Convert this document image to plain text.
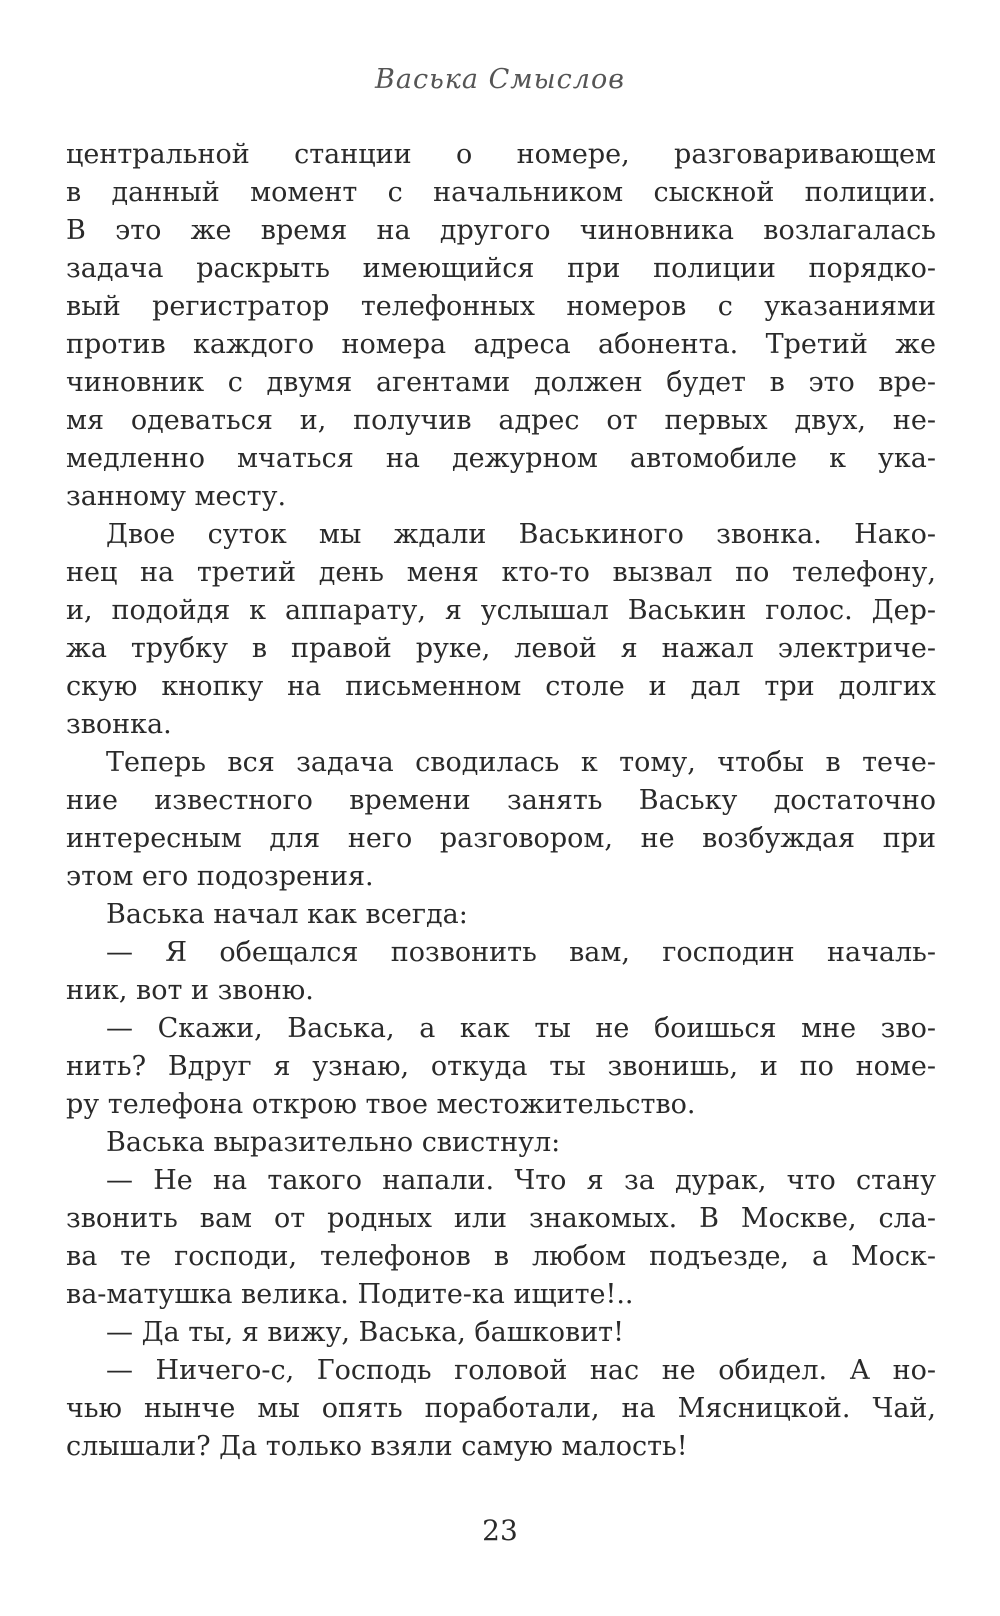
Васька Смыслов
центральной станции о номере, разговаривающем
в данный момент с начальником сыскной полиции.
В это же время на другого чиновника возлагалась
задача раскрыть имеющийся при полиции порядко-
вый регистратор телефонных номеров с указаниями
против каждого номера адреса абонента. Третий же
чиновник с двумя агентами должен будет в это вре-
мя одеваться и, получив адрес от первых двух, не-
медленно мчаться на дежурном автомобиле к ука-
занному месту.
Двое суток мы ждали Васькиного звонка. Нако-
нец на третий день меня кто-то вызвал по телефону,
и, подойдя к аппарату, я услышал Васькин голос. Дер-
жа трубку в правой руке, левой я нажал электриче-
скую кнопку на письменном столе и дал три долгих
звонка.
Теперь вся задача сводилась к тому, чтобы в тече-
ние известного времени занять Ваську достаточно
интересным для него разговором, не возбуждая при
этом его подозрения.
Васька начал как всегда:
— Я обещался позвонить вам, господин началь-
ник, вот и звоню.
— Скажи, Васька, а как ты не боишься мне зво-
нить? Вдруг я узнаю, откуда ты звонишь, и по номе-
ру телефона открою твое местожительство.
Васька выразительно свистнул:
— Не на такого напали. Что я за дурак, что стану
звонить вам от родных или знакомых. В Москве, сла-
ва те господи, телефонов в любом подъезде, а Моск-
ва-матушка велика. Подите-ка ищите!..
— Да ты, я вижу, Васька, башковит!
— Ничего-с, Господь головой нас не обидел. А но-
чью нынче мы опять поработали, на Мясницкой. Чай,
слышали? Да только взяли самую малость!
23
